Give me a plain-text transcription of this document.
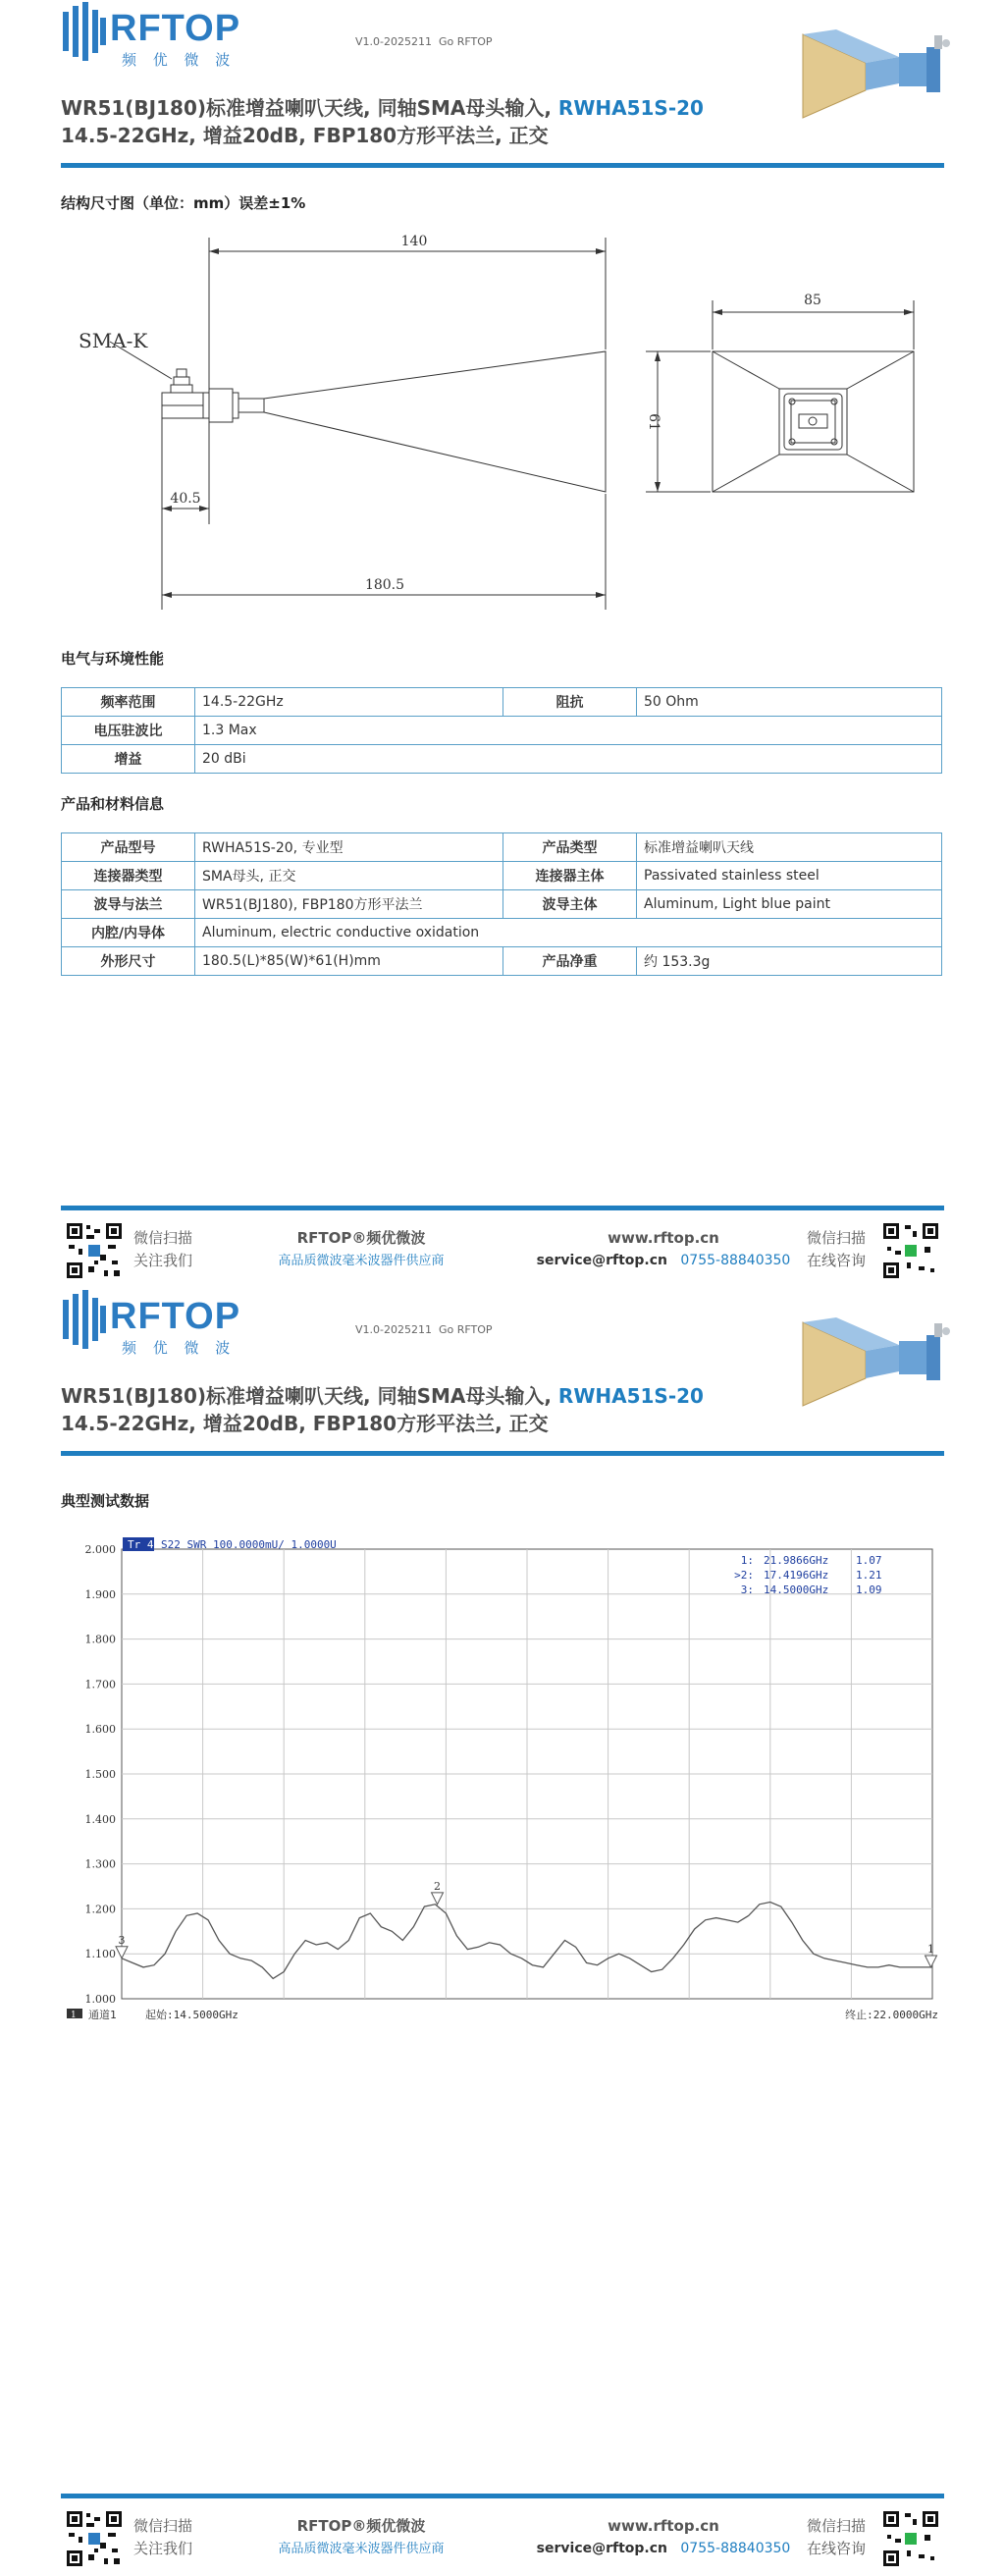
RFTOP
频 优 微 波
V1.0-2025211 Go RFTOP
WR51(BJ180)标准增益喇叭天线, 同轴SMA母头输入, RWHA51S-20
14.5-22GHz, 增益20dB, FBP180方形平法兰, 正交
结构尺寸图（单位：mm）误差±1%
SMA-K
140
40.5
180.5
85
61
电气与环境性能
频率范围	14.5-22GHz	阻抗	50 Ohm
电压驻波比	1.3 Max		
增益	20 dBi		
产品和材料信息
产品型号	RWHA51S-20, 专业型	产品类型	标准增益喇叭天线
连接器类型	SMA母头, 正交	连接器主体	Passivated stainless steel
波导与法兰	WR51(BJ180), FBP180方形平法兰	波导主体	Aluminum, Light blue paint
内腔/内导体	Aluminum, electric conductive oxidation		
外形尺寸	180.5(L)*85(W)*61(H)mm	产品净重	约 153.3g
微信扫描
关注我们
RFTOP®频优微波
高品质微波毫米波器件供应商
www.rftop.cn
service@rftop.cn 0755-88840350
微信扫描
在线咨询
RFTOP
频 优 微 波
V1.0-2025211 Go RFTOP
WR51(BJ180)标准增益喇叭天线, 同轴SMA母头输入, RWHA51S-20
14.5-22GHz, 增益20dB, FBP180方形平法兰, 正交
典型测试数据
2.000
1.900
1.800
1.700
1.600
1.500
1.400
1.300
1.200
1.100
1.000
1
2
3
Tr 4 S22 SWR 100.0000mU/ 1.0000U
1: 21.9866GHz	1.07
>2: 17.4196GHz	1.21
3: 14.5000GHz	1.09
1 通道1	起始:14.5000GHz	终止:22.0000GHz
微信扫描
关注我们
RFTOP®频优微波
高品质微波毫米波器件供应商
www.rftop.cn
service@rftop.cn 0755-88840350
微信扫描
在线咨询
